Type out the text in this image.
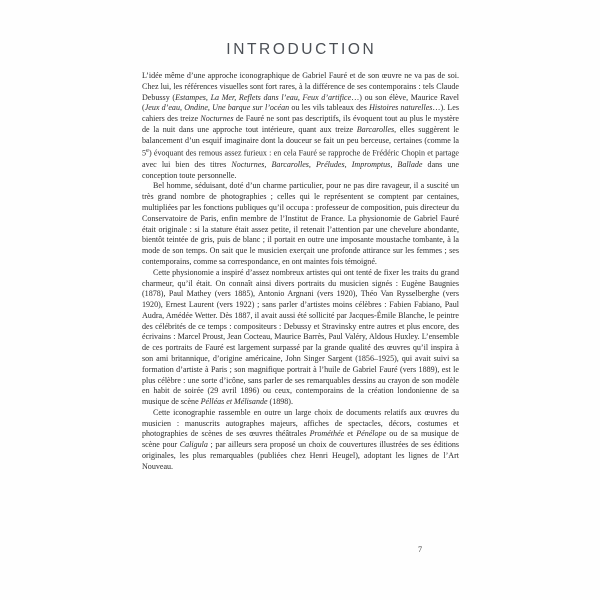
INTRODUCTION

L’idée même d’une approche iconographique de Gabriel Fauré et de son œuvre ne va pas de soi. Chez lui, les références visuelles sont fort rares, à la différence de ses contemporains : tels Claude Debussy (Estampes, La Mer, Reflets dans l’eau, Feux d’artifice…) ou son élève, Maurice Ravel (Jeux d’eau, Ondine, Une barque sur l’océan ou les vils tableaux des Histoires naturelles…). Les cahiers des treize Nocturnes de Fauré ne sont pas descriptifs, ils évoquent tout au plus le mystère de la nuit dans une approche tout intérieure, quant aux treize Barcarolles, elles suggèrent le balancement d’un esquif imaginaire dont la douceur se fait un peu berceuse, certaines (comme la 5e) évoquant des remous assez furieux : en cela Fauré se rapproche de Frédéric Chopin et partage avec lui bien des titres Nocturnes, Barcarolles, Préludes, Impromptus, Ballade dans une conception toute personnelle.

Bel homme, séduisant, doté d’un charme particulier, pour ne pas dire ravageur, il a suscité un très grand nombre de photographies ; celles qui le représentent se comptent par centaines, multipliées par les fonctions publiques qu’il occupa : professeur de composition, puis directeur du Conservatoire de Paris, enfin membre de l’Institut de France. La physionomie de Gabriel Fauré était originale : si la stature était assez petite, il retenait l’attention par une chevelure abondante, bientôt teintée de gris, puis de blanc ; il portait en outre une imposante moustache tombante, à la mode de son temps. On sait que le musicien exerçait une profonde attirance sur les femmes ; ses contemporains, comme sa correspondance, en ont maintes fois témoigné.

Cette physionomie a inspiré d’assez nombreux artistes qui ont tenté de fixer les traits du grand charmeur, qu’il était. On connaît ainsi divers portraits du musicien signés : Eugène Baugnies (1878), Paul Mathey (vers 1885), Antonio Argnani (vers 1920), Théo Van Rysselberghe (vers 1920), Ernest Laurent (vers 1922) ; sans parler d’artistes moins célèbres : Fabien Fabiano, Paul Audra, Amédée Wetter. Dès 1887, il avait aussi été sollicité par Jacques-Émile Blanche, le peintre des célébrités de ce temps : compositeurs : Debussy et Stravinsky entre autres et plus encore, des écrivains : Marcel Proust, Jean Cocteau, Maurice Barrès, Paul Valéry, Aldous Huxley. L’ensemble de ces portraits de Fauré est largement surpassé par la grande qualité des œuvres qu’il inspira à son ami britannique, d’origine américaine, John Singer Sargent (1856–1925), qui avait suivi sa formation d’artiste à Paris ; son magnifique portrait à l’huile de Gabriel Fauré (vers 1889), est le plus célèbre : une sorte d’icône, sans parler de ses remarquables dessins au crayon de son modèle en habit de soirée (29 avril 1896) ou ceux, contemporains de la création londonienne de sa musique de scène Pélléas et Mélisande (1898).

Cette iconographie rassemble en outre un large choix de documents relatifs aux œuvres du musicien : manuscrits autographes majeurs, affiches de spectacles, décors, costumes et photographies de scènes de ses œuvres théâtrales Prométhée et Pénélope ou de sa musique de scène pour Caligula ; par ailleurs sera proposé un choix de couvertures illustrées de ses éditions originales, les plus remarquables (publiées chez Henri Heugel), adoptant les lignes de l’Art Nouveau.

7
